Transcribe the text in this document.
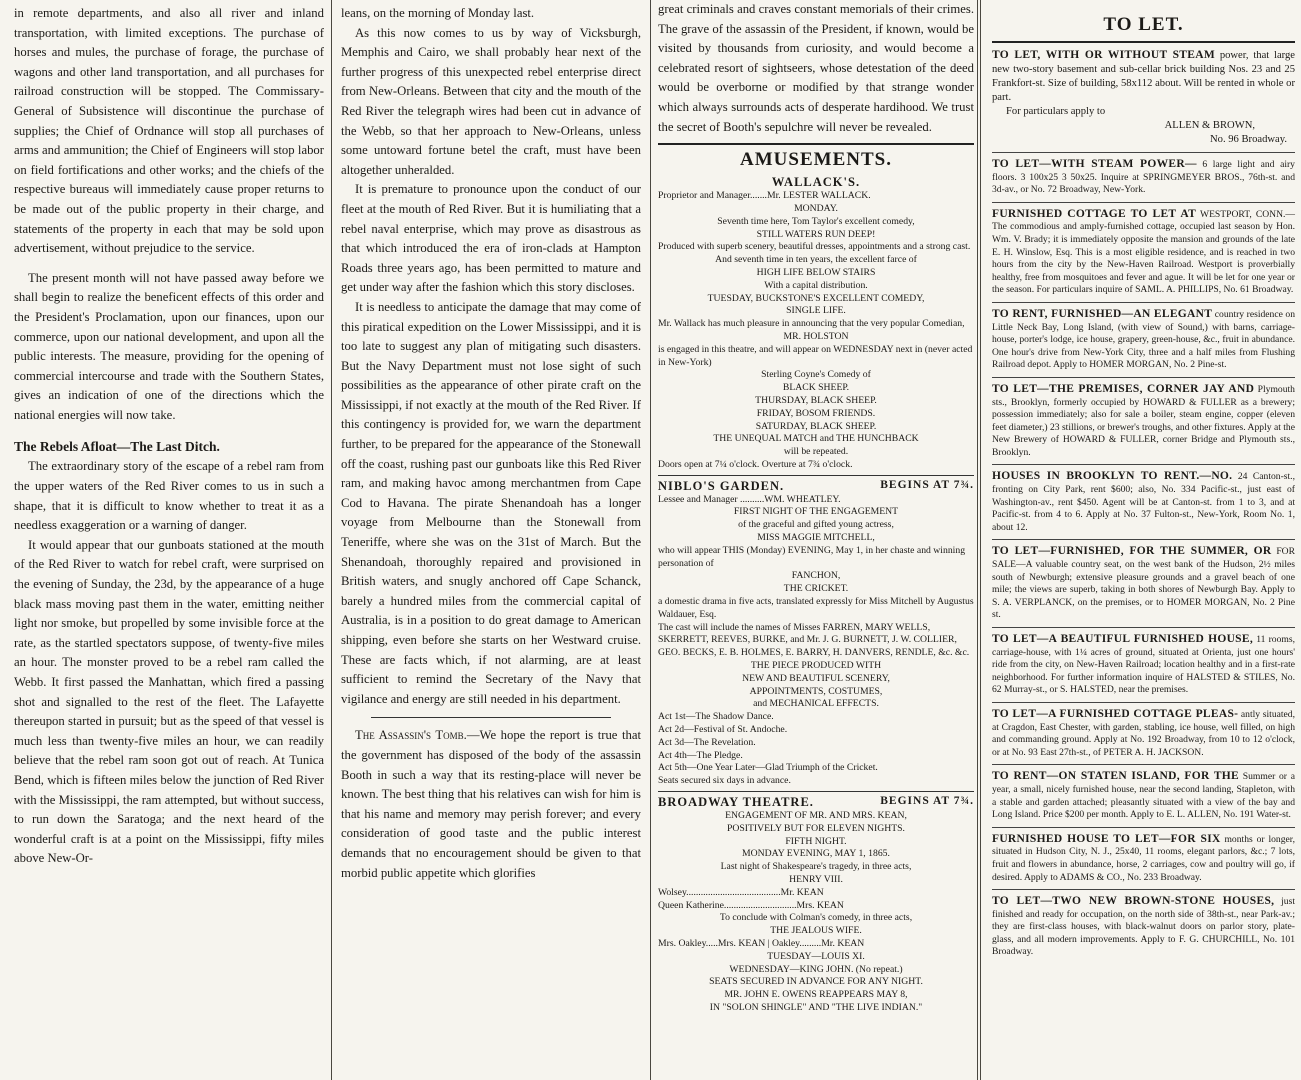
in remote departments, and also all river and inland transportation, with limited exceptions. The purchase of horses and mules, the purchase of forage, the purchase of wagons and other land transportation, and all purchases for railroad construction will be stopped. The Commissary-General of Subsistence will discontinue the purchase of supplies; the Chief of Ordnance will stop all purchases of arms and ammunition; the Chief of Engineers will stop labor on field fortifications and other works; and the chiefs of the respective bureaus will immediately cause proper returns to be made out of the public property in their charge, and statements of the property in each that may be sold upon advertisement, without prejudice to the service.

The present month will not have passed away before we shall begin to realize the beneficent effects of this order and the President's Proclamation, upon our finances, upon our commerce, upon our national development, and upon all the public interests. The measure, providing for the opening of commercial intercourse and trade with the Southern States, gives an indication of one of the directions which the national energies will now take.

The Rebels Afloat—The Last Ditch.

The extraordinary story of the escape of a rebel ram from the upper waters of the Red River comes to us in such a shape, that it is difficult to know whether to treat it as a needless exaggeration or a warning of danger.

It would appear that our gunboats stationed at the mouth of the Red River to watch for rebel craft, were surprised on the evening of Sunday, the 23d, by the appearance of a huge black mass moving past them in the water, emitting neither light nor smoke, but propelled by some invisible force at the rate, as the startled spectators suppose, of twenty-five miles an hour. The monster proved to be a rebel ram called the Webb. It first passed the Manhattan, which fired a passing shot and signalled to the rest of the fleet. The Lafayette thereupon started in pursuit; but as the speed of that vessel is much less than twenty-five miles an hour, we can readily believe that the rebel ram soon got out of reach. At Tunica Bend, which is fifteen miles below the junction of Red River with the Mississippi, the ram attempted, but without success, to run down the Saratoga; and the next heard of the wonderful craft is at a point on the Mississippi, fifty miles above New-Or-

leans, on the morning of Monday last.

As this now comes to us by way of Vicksburgh, Memphis and Cairo, we shall probably hear next of the further progress of this unexpected rebel enterprise direct from New-Orleans. Between that city and the mouth of the Red River the telegraph wires had been cut in advance of the Webb, so that her approach to New-Orleans, unless some untoward fortune betel the craft, must have been altogether unheralded.

It is premature to pronounce upon the conduct of our fleet at the mouth of Red River. But it is humiliating that a rebel naval enterprise, which may prove as disastrous as that which introduced the era of iron-clads at Hampton Roads three years ago, has been permitted to mature and get under way after the fashion which this story discloses.

It is needless to anticipate the damage that may come of this piratical expedition on the Lower Mississippi, and it is too late to suggest any plan of mitigating such disasters. But the Navy Department must not lose sight of such possibilities as the appearance of other pirate craft on the Mississippi, if not exactly at the mouth of the Red River. If this contingency is provided for, we warn the department further, to be prepared for the appearance of the Stonewall off the coast, rushing past our gunboats like this Red River ram, and making havoc among merchantmen from Cape Cod to Havana. The pirate Shenandoah has a longer voyage from Melbourne than the Stonewall from Teneriffe, where she was on the 31st of March. But the Shenandoah, thoroughly repaired and provisioned in British waters, and snugly anchored off Cape Schanck, barely a hundred miles from the commercial capital of Australia, is in a position to do great damage to American shipping, even before she starts on her Westward cruise. These are facts which, if not alarming, are at least sufficient to remind the Secretary of the Navy that vigilance and energy are still needed in his department.

The Assassin's Tomb.—We hope the report is true that the government has disposed of the body of the assassin Booth in such a way that its resting-place will never be known. The best thing that his relatives can wish for him is that his name and memory may perish forever; and every consideration of good taste and the public interest demands that no encouragement should be given to that morbid public appetite which glorifies

great criminals and craves constant memorials of their crimes. The grave of the assassin of the President, if known, would be visited by thousands from curiosity, and would become a celebrated resort of sightseers, whose detestation of the deed would be overborne or modified by that strange wonder which always surrounds acts of desperate hardihood. We trust the secret of Booth's sepulchre will never be revealed.

AMUSEMENTS.
WALLACK'S.

Proprietor and Manager.......Mr. LESTER WALLACK.

MONDAY.

Seventh time here, Tom Taylor's excellent comedy,

STILL WATERS RUN DEEP!

Produced with superb scenery, beautiful dresses, appointments and a strong cast.

And seventh time in ten years, the excellent farce of

HIGH LIFE BELOW STAIRS

With a capital distribution.

TUESDAY, BUCKSTONE'S EXCELLENT COMEDY,

SINGLE LIFE.

Mr. Wallack has much pleasure in announcing that the very popular Comedian,

MR. HOLSTON

is engaged in this theatre, and will appear on WEDNESDAY next in (never acted in New-York)

Sterling Coyne's Comedy of

BLACK SHEEP.

THURSDAY, BLACK SHEEP.

FRIDAY, BOSOM FRIENDS.

SATURDAY, BLACK SHEEP.

THE UNEQUAL MATCH and THE HUNCHBACK

will be repeated.

Doors open at 7¼ o'clock. Overture at 7¾ o'clock.

NIBLO'S GARDEN.	BEGINS AT 7¾.

Lessee and Manager ..........WM. WHEATLEY.

FIRST NIGHT OF THE ENGAGEMENT

of the graceful and gifted young actress,

MISS MAGGIE MITCHELL,

who will appear THIS (Monday) EVENING, May 1, in her chaste and winning personation of

FANCHON,

THE CRICKET.

a domestic drama in five acts, translated expressly for Miss Mitchell by Augustus Waldauer, Esq.

The cast will include the names of Misses FARREN, MARY WELLS, SKERRETT, REEVES, BURKE, and Mr. J. G. BURNETT, J. W. COLLIER, GEO. BECKS, E. B. HOLMES, E. BARRY, H. DANVERS, RENDLE, &c. &c.

THE PIECE PRODUCED WITH

NEW AND BEAUTIFUL SCENERY,

APPOINTMENTS, COSTUMES,

and MECHANICAL EFFECTS.

Act 1st—The Shadow Dance.

Act 2d—Festival of St. Andoche.

Act 3d—The Revelation.

Act 4th—The Pledge.

Act 5th—One Year Later—Glad Triumph of the Cricket.

Seats secured six days in advance.

BROADWAY THEATRE.	BEGINS AT 7¾.

ENGAGEMENT OF MR. AND MRS. KEAN,

POSITIVELY BUT FOR ELEVEN NIGHTS.

FIFTH NIGHT.

MONDAY EVENING, MAY 1, 1865.

Last night of Shakespeare's tragedy, in three acts,

HENRY VIII.

Wolsey.......................................Mr. KEAN

Queen Katherine..............................Mrs. KEAN

To conclude with Colman's comedy, in three acts,

THE JEALOUS WIFE.

Mrs. Oakley.....Mrs. KEAN | Oakley.........Mr. KEAN

TUESDAY—LOUIS XI.

WEDNESDAY—KING JOHN. (No repeat.)

SEATS SECURED IN ADVANCE FOR ANY NIGHT.

MR. JOHN E. OWENS REAPPEARS MAY 8,

IN "SOLON SHINGLE" AND "THE LIVE INDIAN."

TO LET.

TO LET, WITH OR WITHOUT STEAM power, that large new two-story basement and sub-cellar brick building Nos. 23 and 25 Frankfort-st. Size of building, 58x112 about. Will be rented in whole or part.

For particulars apply to

ALLEN & BROWN,

No. 96 Broadway.

TO LET—WITH STEAM POWER— 6 large light and airy floors. 3 100x25 3 50x25. Inquire at SPRINGMEYER BROS., 76th-st. and 3d-av., or No. 72 Broadway, New-York.

FURNISHED COTTAGE TO LET AT WESTPORT, CONN.—The commodious and amply-furnished cottage, occupied last season by Hon. Wm. V. Brady; it is immediately opposite the mansion and grounds of the late E. H. Winslow, Esq. This is a most eligible residence, and is reached in two hours from the city by the New-Haven Railroad. Westport is proverbially healthy, free from mosquitoes and fever and ague. It will be let for one year or the season. For particulars inquire of SAML. A. PHILLIPS, No. 61 Broadway.

TO RENT, FURNISHED—AN ELEGANT country residence on Little Neck Bay, Long Island, (with view of Sound,) with barns, carriage-house, porter's lodge, ice house, grapery, green-house, &c., fruit in abundance. One hour's drive from New-York City, three and a half miles from Flushing Railroad depot. Apply to HOMER MORGAN, No. 2 Pine-st.

TO LET—THE PREMISES, CORNER JAY AND Plymouth sts., Brooklyn, formerly occupied by HOWARD & FULLER as a brewery; possession immediately; also for sale a boiler, steam engine, copper (eleven feet diameter,) 23 stillions, or brewer's troughs, and other fixtures. Apply at the New Brewery of HOWARD & FULLER, corner Bridge and Plymouth sts., Brooklyn.

HOUSES IN BROOKLYN TO RENT.—NO. 24 Canton-st., fronting on City Park, rent $600; also, No. 334 Pacific-st., just east of Washington-av., rent $450. Agent will be at Canton-st. from 1 to 3, and at Pacific-st. from 4 to 6. Apply at No. 37 Fulton-st., New-York, Room No. 1, about 12.

TO LET—FURNISHED, FOR THE SUMMER, OR FOR SALE—A valuable country seat, on the west bank of the Hudson, 2½ miles south of Newburgh; extensive pleasure grounds and a gravel beach of one mile; the views are superb, taking in both shores of Newburgh Bay. Apply to S. A. VERPLANCK, on the premises, or to HOMER MORGAN, No. 2 Pine st.

TO LET—A BEAUTIFUL FURNISHED HOUSE, 11 rooms, carriage-house, with 1¼ acres of ground, situated at Orienta, just one hours' ride from the city, on New-Haven Railroad; location healthy and in a first-rate neighborhood. For further information inquire of HALSTED & STILES, No. 62 Murray-st., or S. HALSTED, near the premises.

TO LET—A FURNISHED COTTAGE PLEAS- antly situated, at Cragdon, East Chester, with garden, stabling, ice house, well filled, on high and commanding ground. Apply at No. 192 Broadway, from 10 to 12 o'clock, or at No. 93 East 27th-st., of PETER A. H. JACKSON.

TO RENT—ON STATEN ISLAND, FOR THE Summer or a year, a small, nicely furnished house, near the second landing, Stapleton, with a stable and garden attached; pleasantly situated with a view of the bay and Long Island. Price $200 per month. Apply to E. L. ALLEN, No. 191 Water-st.

FURNISHED HOUSE TO LET—FOR SIX months or longer, situated in Hudson City, N. J., 25x40, 11 rooms, elegant parlors, &c.; 7 lots, fruit and flowers in abundance, horse, 2 carriages, cow and poultry will go, if desired. Apply to ADAMS & CO., No. 233 Broadway.

TO LET—TWO NEW BROWN-STONE HOUSES, just finished and ready for occupation, on the north side of 38th-st., near Park-av.; they are first-class houses, with black-walnut doors on parlor story, plate-glass, and all modern improvements. Apply to F. G. CHURCHILL, No. 101 Broadway.
